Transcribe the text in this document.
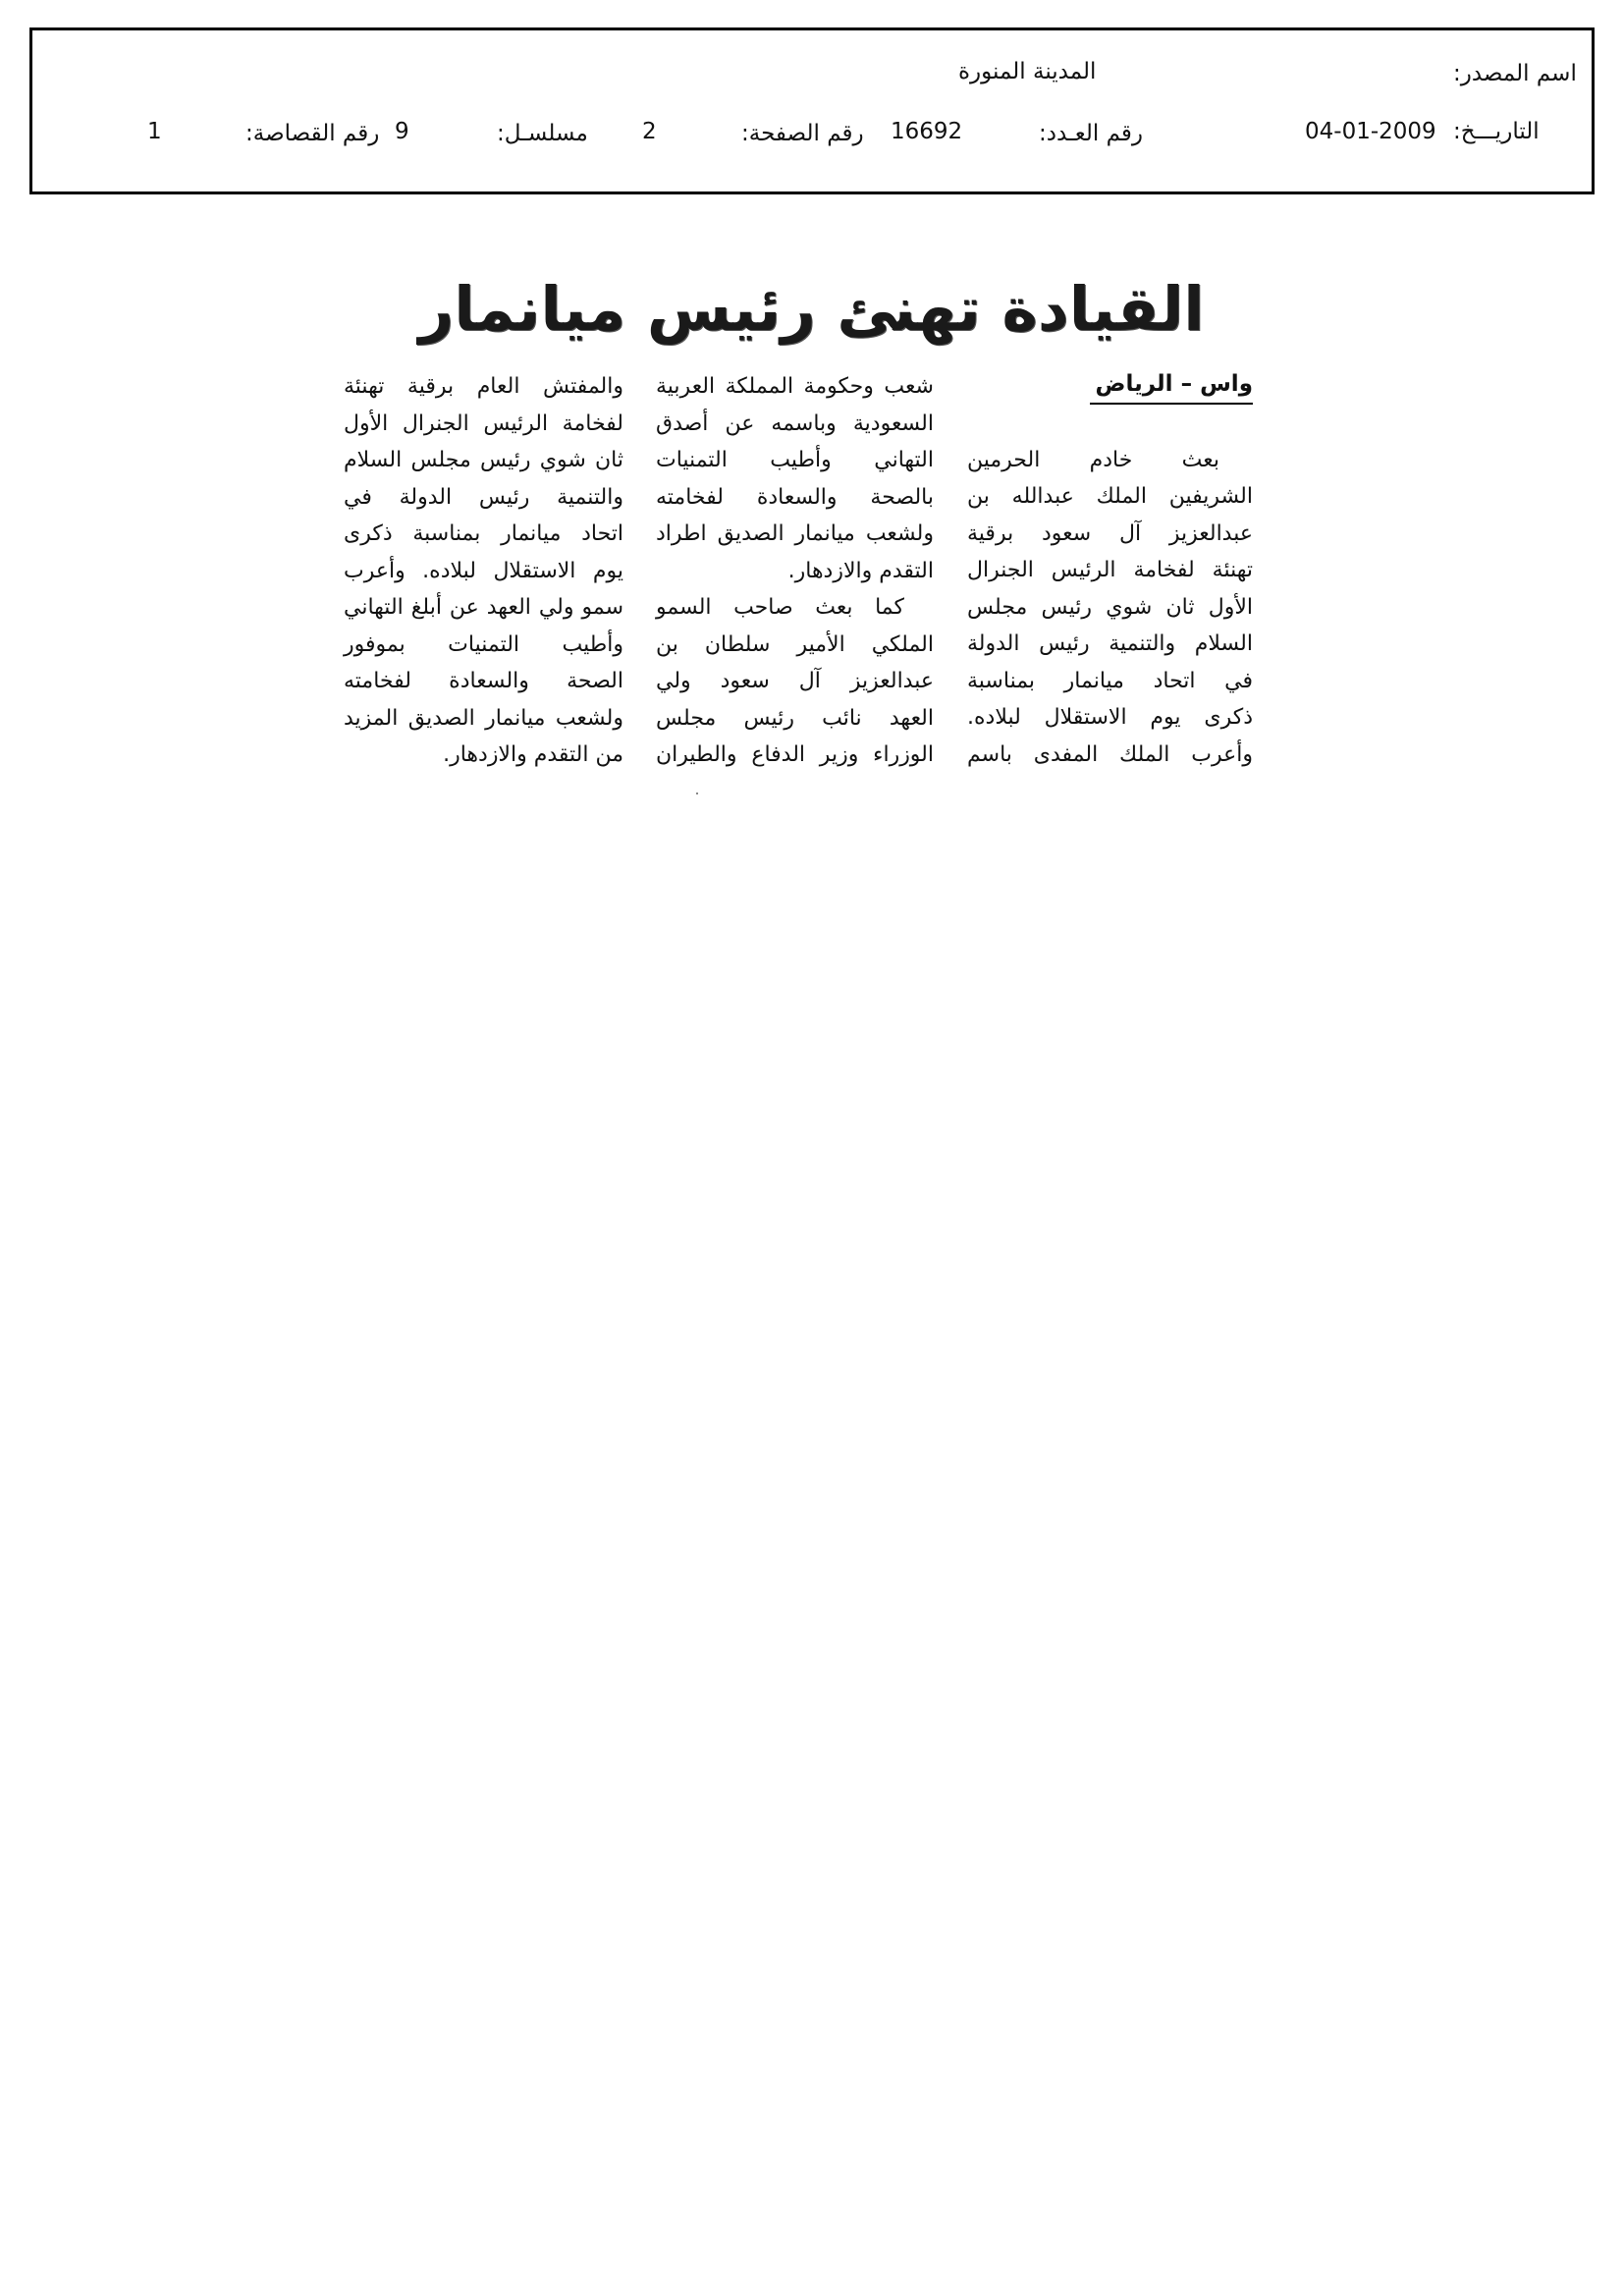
اسم المصدر:
المدينة المنورة
التاريـــخ:
04-01-2009
رقم العـدد:
16692
رقم الصفحة:
2
مسلسـل:
9
رقم القصاصة:
1
القيادة تهنئ رئيس ميانمار
واس – الرياض

بعث خادم الحرمين
الشريفين الملك عبدالله بن
عبدالعزيز آل سعود برقية
تهنئة لفخامة الرئيس الجنرال
الأول ثان شوي رئيس مجلس
السلام والتنمية رئيس الدولة
في اتحاد ميانمار بمناسبة
ذكرى يوم الاستقلال لبلاده.
وأعرب الملك المفدى باسم
شعب وحكومة المملكة العربية
السعودية وباسمه عن أصدق
التهاني وأطيب التمنيات
بالصحة والسعادة لفخامته
ولشعب ميانمار الصديق اطراد
التقدم والازدهار.
كما بعث صاحب السمو
الملكي الأمير سلطان بن
عبدالعزيز آل سعود ولي
العهد نائب رئيس مجلس
الوزراء وزير الدفاع والطيران
والمفتش العام برقية تهنئة
لفخامة الرئيس الجنرال الأول
ثان شوي رئيس مجلس السلام
والتنمية رئيس الدولة في
اتحاد ميانمار بمناسبة ذكرى
يوم الاستقلال لبلاده. وأعرب
سمو ولي العهد عن أبلغ التهاني
وأطيب التمنيات بموفور
الصحة والسعادة لفخامته
ولشعب ميانمار الصديق المزيد
من التقدم والازدهار.
